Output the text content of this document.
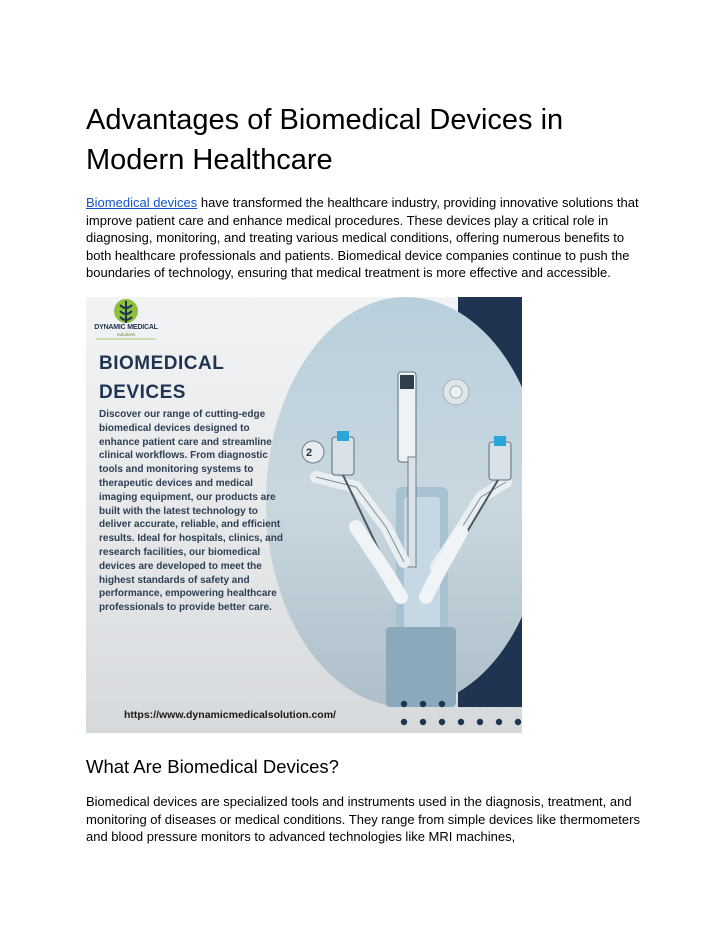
Advantages of Biomedical Devices in Modern Healthcare

Biomedical devices have transformed the healthcare industry, providing innovative solutions that improve patient care and enhance medical procedures. These devices play a critical role in diagnosing, monitoring, and treating various medical conditions, offering numerous benefits to both healthcare professionals and patients. Biomedical device companies continue to push the boundaries of technology, ensuring that medical treatment is more effective and accessible.

2
DYNAMIC MEDICAL
Solutions
BIOMEDICAL
DEVICES

Discover our range of cutting-edge biomedical devices designed to enhance patient care and streamline clinical workflows. From diagnostic tools and monitoring systems to therapeutic devices and medical imaging equipment, our products are built with the latest technology to deliver accurate, reliable, and efficient results. Ideal for hospitals, clinics, and research facilities, our biomedical devices are developed to meet the highest standards of safety and performance, empowering healthcare professionals to provide better care.

https://www.dynamicmedicalsolution.com/
What Are Biomedical Devices?

Biomedical devices are specialized tools and instruments used in the diagnosis, treatment, and monitoring of diseases or medical conditions. They range from simple devices like thermometers and blood pressure monitors to advanced technologies like MRI machines,
